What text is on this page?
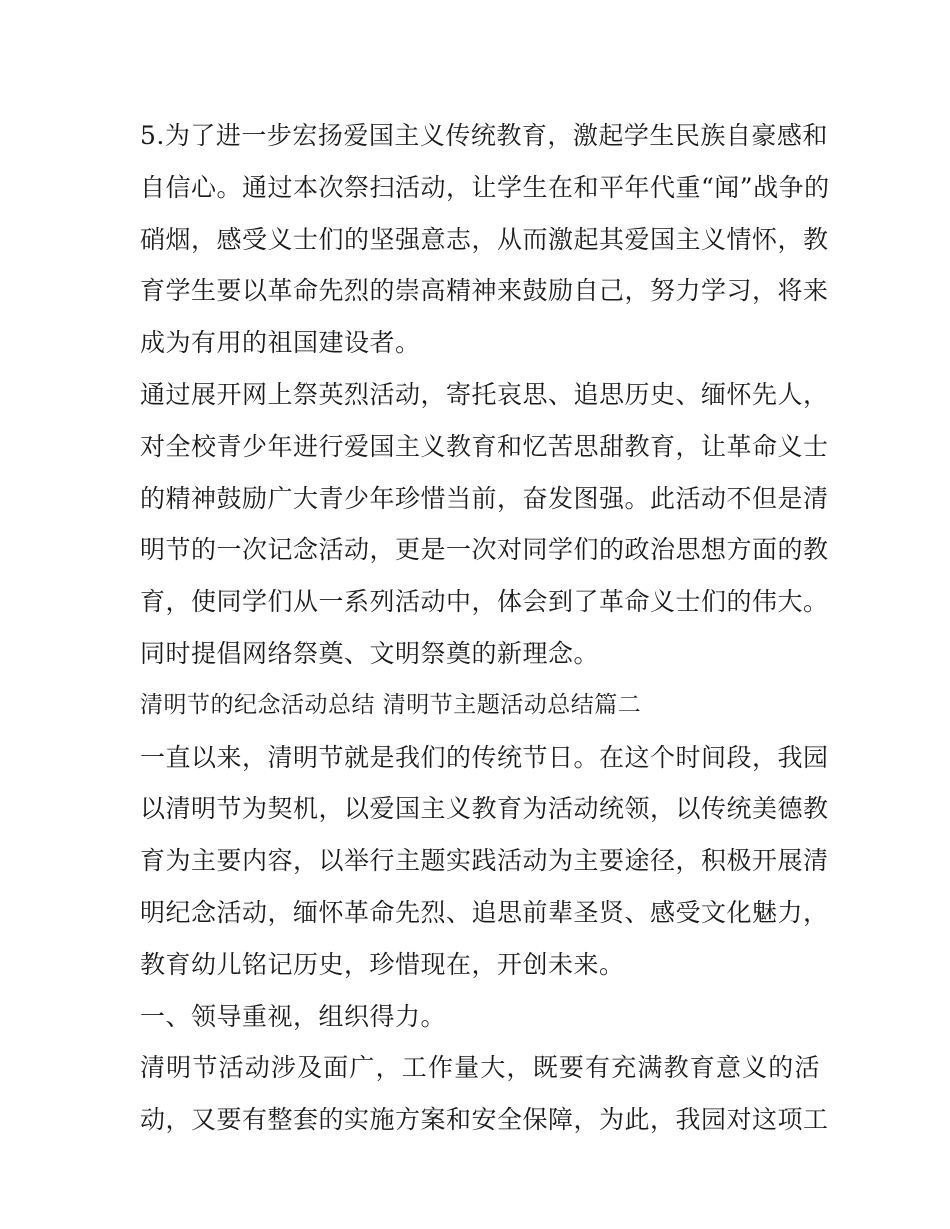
5.为了进一步宏扬爱国主义传统教育，激起学生民族自豪感和
自信心。通过本次祭扫活动，让学生在和平年代重“闻”战争的
硝烟，感受义士们的坚强意志，从而激起其爱国主义情怀，教
育学生要以革命先烈的崇高精神来鼓励自己，努力学习，将来
成为有用的祖国建设者。
通过展开网上祭英烈活动，寄托哀思、追思历史、缅怀先人，
对全校青少年进行爱国主义教育和忆苦思甜教育，让革命义士
的精神鼓励广大青少年珍惜当前，奋发图强。此活动不但是清
明节的一次记念活动，更是一次对同学们的政治思想方面的教
育，使同学们从一系列活动中，体会到了革命义士们的伟大。
同时提倡网络祭奠、文明祭奠的新理念。
清明节的纪念活动总结 清明节主题活动总结篇二
一直以来，清明节就是我们的传统节日。在这个时间段，我园
以清明节为契机，以爱国主义教育为活动统领，以传统美德教
育为主要内容，以举行主题实践活动为主要途径，积极开展清
明纪念活动，缅怀革命先烈、追思前辈圣贤、感受文化魅力，
教育幼儿铭记历史，珍惜现在，开创未来。
一、领导重视，组织得力。
清明节活动涉及面广，工作量大，既要有充满教育意义的活
动，又要有整套的实施方案和安全保障，为此，我园对这项工
